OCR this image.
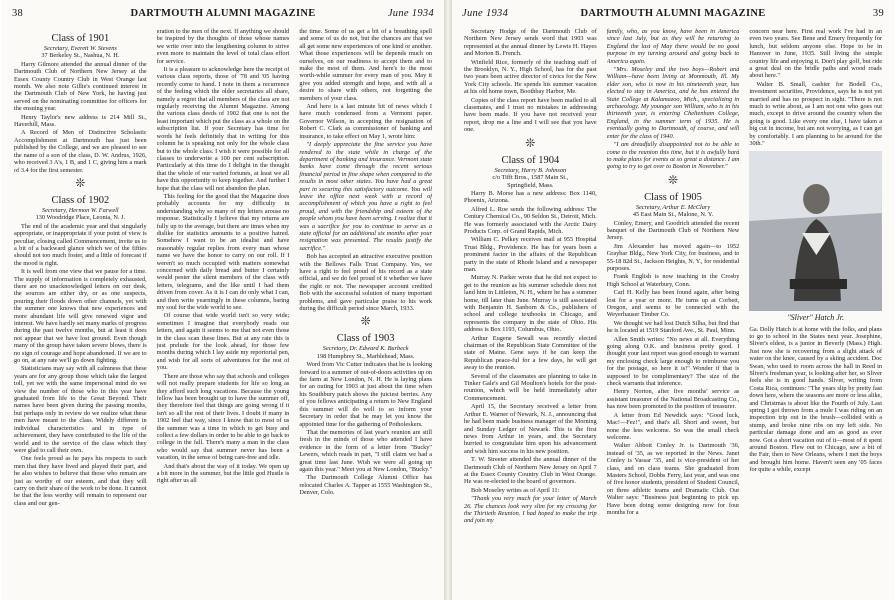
38	DARTMOUTH ALUMNI MAGAZINE	June 1934
Class of 1901
Secretary, Everett W. Stevens
37 Berkeley St., Nashua, N. H.

Harry Gilmore attended the annual dinner of the Dartmouth Club of Northern New Jersey at the Essex County Country Club in West Orange last month. We also note Gillie's continued interest in the Dartmouth Club of New York, he having just served on the nominating committee for officers for the ensuing year.

Henry Taylor's new address is 214 Mill St., Haverhill, Mass.

A Record of Men of Distinctive Scholastic Accomplishment at Dartmouth has just been published by the College, and we are pleased to see the name of a son of the class, D. W. Andrus, 1926, who received 3 A's, 1 B, and 1 C, giving him a mark of 3.4 for the first semester.

❊
Class of 1902
Secretary, Hermon W. Farwell
130 Woodridge Place, Leonia, N. J.

The end of the academic year and that singularly appropriate, or inappropriate if your point of view is peculiar, closing called Commencement, invite us to a bit of a backward glance which we of the fifties should not too much foster, and a little of forecast if the mood is right.

It is well from one view that we pause for a time. The supply of information is completely exhausted, there are no unacknowledged letters on our desk, the sources are either dry, or as one suspects, pouring their floods down other channels, yet with the summer one knows that new experiences and more abundant life will give renewed vigor and interest. We have hardly set many marks of progress during the past twelve months, but at least it does not appear that we have lost ground. Even though many of the group have taken severe blows, there is no sign of courage and hope abandoned. If we are to go on, at any rate we'll go down fighting.

Statisticians may say with all calmness that these years are for any group those which take the largest toll, yet we with the same impersonal mind do we view the number of those who in this year have graduated from life to the Great Beyond. Their names have been given during the passing months, but perhaps only in review do we realize what these men have meant to the class. Widely different in individual characteristics and in type of achievement, they have contributed to the life of the world and to the service of the class which they were glad to call their own.

One feels proud as he pays his respects to such men that they have lived and played their part, and he also wishes to believe that those who remain are just as worthy of our esteem, and that they will carry on their share of the work to be done. It cannot be that the less worthy will remain to represent our class and our gen-

eration to the men of the next. If anything we should be inspired by the thoughts of those whose names we write over into the lengthening column to strive even more to maintain the level of total class effort for service.

It is a pleasure to acknowledge here the receipt of various class reports, those of '78 and '05 having recently come to hand. I note in them a recurrence of the feeling which the older secretaries all share, namely a regret that all members of the class are not regularly receiving the Alumni Magazine. Among the various class deeds of 1902 that one is not the least important which put the class as a whole on the subscription list. If your Secretary has time for words he feels definitely that in writing for this column he is speaking not only for the whole class but to the whole class. I wish it were possible for all classes to underwrite a 100 per cent subscription. Particularly at this time do I delight in the thought that the whole of our varied fortunes, at least we all have this opportunity to keep together. And further I hope that the class will not abandon the plan.

This feeling for the good that the Magazine does probably accounts for my difficulty in understanding why so many of my letters arouse no response. Statistically I believe that my returns are fully up to the average, but there are times when my dislike for statistics amounts to a positive hatred. Somehow I want to be an idealist and have reasonably regular replies from every man whose name we have the honor to carry on our roll. If I weren't so much occupied with matters somewhat concerned with daily bread and butter I certainly would pester the silent members of the class with letters, telegrams, and the like until I had them driven from cover. As it is I can do only what I can, and then write yearningly in these columns, baring my soul for the wide world to see.

Of course that wide world isn't so very wide; sometimes I imagine that everybody reads our letters, and again it seems to me that not even those in the class scan these lines. But at any rate this is just prelude for the look ahead, for those few months during which I lay aside my reportorial pen, and wish for all sorts of adventures for the rest of you.

There are those who say that schools and colleges will not really prepare students for life so long as they afford such long vacations. Because the young fellow has been brought up to have the summer off, they therefore feel that things are going wrong if it isn't so all the rest of their lives. I doubt if many in 1902 feel that way, since I know that to most of us the summer was a time in which to get busy and collect a few dollars in order to be able to go back to college in the fall. There's many a man in the class who would say that summer never has been a vacation, in the sense of being care-free and idle.

And that's about the way of it today. We open up a bit more in the summer, but the little god Hustle is right after us all

the time. Some of us get a bit of a breathing spell and some of us do not, but the chances are that we all get some new experiences of one kind or another. What those experiences will be depends much on ourselves, on our readiness to accept them and to make the most of them. And here's to the most worth-while summer for every man of you. May it give you added strength and hope, and with all a desire to share with others, not forgetting the members of your class.

And here is a last minute bit of news which I have much condensed from a Vermont paper. Governor Wilson, in accepting the resignation of Robert C. Clark as commissioner of banking and insurance, to take effect on May 1, wrote him:

"I deeply appreciate the fine service you have rendered to the state while in charge of the department of banking and insurance. Vermont state banks have come through the recent serious financial period in fine shape when compared to the results in most other states. You have had a great part in securing this satisfactory outcome. You will leave the office next week with a record of accomplishment of which you have a right to feel proud, and with the friendship and esteem of the people whom you have been serving. I realize that it was a sacrifice for you to continue to serve as a state official for an additional six months after your resignation was presented. The results justify the sacrifice."

Bob has accepted an attractive executive position with the Bellows Falls Trust Company. Yes, we have a right to feel proud of his record as a state official, and we do feel proud of it whether we have the right or not. The newspaper account credited Bob with the successful solution of many important problems, and gave particular praise to his work during the difficult period since March, 1933.

❊
Class of 1903
Secretary, Dr. Edward K. Burbeck
198 Humphrey St., Marblehead, Mass.

Word from Vic Cutter indicates that he is looking forward to a summer of out-of-doors activities up on the farm at New London, N. H. He is laying plans for an outing for 1903 at just about the time when his Southbury patch shows the juiciest berries. Any of you fellows anticipating a return to New England this summer will do well to so inform your Secretary in order that he may let you know the appointed time for the gathering of Potholeskers.

That the memories of last year's reunion are still fresh in the minds of those who attended I have evidence in the form of a letter from "Bucky" Lewers, which reads in part, "I still claim we had a great time last June. Wish we were all going up again this year." Meet you at New London, "Bucky."

The Dartmouth College Alumni Office has relocated Charles A. Tapper at 1555 Washington St., Denver, Colo.

June 1934	DARTMOUTH ALUMNI MAGAZINE	39

Secretary Hodge of the Dartmouth Club of Northern New Jersey sends word that 1903 was represented at the annual dinner by Lewis H. Hayes and Morton B. French.

Winfield Rice, formerly of the teaching staff of the Brooklyn, N. Y., High School, has for the past two years been active director of civics for the New York City schools. He spends his summer vacation at his old home town, Boothbay Harbor, Me.

Copies of the class report have been mailed to all classmates, and I trust no mistakes in addressing have been made. If you have not received your report, drop me a line and I will see that you have one.

❊
Class of 1904
Secretary, Harry B. Johnson
c/o Tifft Bros., 1587 Main St.,
Springfield, Mass.

Harry B. Morse has a new address: Box 1140, Phoenix, Arizona.

Alfred L. Roe sends the following address: The Century Chemical Co., 90 Seldon St., Detroit, Mich. He was formerly associated with the Arctic Dairy Products Corp. of Grand Rapids, Mich.

William C. Pelkey receives mail at 955 Hospital Trust Bldg., Providence. He has for years been a prominent factor in the affairs of the Republican party in the state of Rhode Island and a newspaper man.

Murray N. Parker wrote that he did not expect to get to the reunion as his summer schedule does not land him in Littleton, N. H., where he has a summer home, till later than June. Murray is still associated with Benjamin H. Sanborn & Co., publishers of school and college textbooks in Chicago, and represents the company in the state of Ohio. His address is Box 1193, Columbus, Ohio.

Arthur Eugene Sewall was recently elected chairman of the Republican State Committee of the state of Maine. Gene says if he can keep the Republican peace-ful for a few days, he will get away to the reunion.

Several of the classmates are planning to take in Tinker Gale's and Gil Moulton's hotels for the post-reunion, which will be held immediately after Commencement.

April 15, the Secretary received a letter from Arthur E. Warner of Newark, N. J., announcing that he had been made business manager of the Morning and Sunday Ledger of Newark. This is the first news from Arthur in years, and the Secretary hurried to congratulate him upon his advancement and wish him success in his new position.

T. W. Streeter attended the annual dinner of the Dartmouth Club of Northern New Jersey on April 7 at the Essex County Country Club in West Orange. He was re-elected to the board of governors.

Bob Moseley writes as of April 11:

"Thank you very much for your letter of March 26. The chances look very slim for my crossing for the Thirtieth Reunion. I had hoped to make the trip and join my

family, who, as you know, have been in America since last July, but as they will be returning to England the last of May there would be no good purpose in my turning around and going back to America again.

"Mrs. Moseley and the two boys—Robert and William—have been living at Monmouth, Ill. My elder son, who is now in his nineteenth year, has elected to stay in America, and he has entered the State College at Kalamazoo, Mich., specializing in archaeology. My younger son William, who is in his thirteenth year, is entering Cheltenham College, England, in the summer term of 1935. He is eventually going to Dartmouth, of course, and will enter for the class of 1940.

"I am dreadfully disappointed not to be able to come to the reunion this time, but it is awfully hard to make plans for events at so great a distance. I am going to try to get over to Boston in November."

❊
Class of 1905
Secretary, Arthur E. McClary
45 East Main St., Malone, N. Y.

Conley, Emery, and Goodrich attended the recent banquet of the Dartmouth Club of Northern New Jersey.

Jim Alexander has moved again—to 1952 Graybar Bldg., New York City, for business, and to 55-18 82d St., Jackson Heights, N. Y., for residential purposes.

Frank English is now teaching in the Crosby High School at Waterbury, Conn.

Carl H. Kelly has been found again, after being lost for a year or more. He turns up at Corbett, Oregon, and seems to be connected with the Weyerhauser Timber Co.

We thought we had lost Dutch Silha, but find that he is located at 1519 Stanford Ave., St. Paul, Minn.

Allen Smith writes: "No news at all. Everything going along O.K. and business pretty good. I thought your last report was good enough to warrant my enclosing check large enough to reimburse you for the postage, so here it is!" Wonder if that is supposed to be complimentary? The size of the check warrants that inference.

Henry Norton, after five months' service as assistant treasurer of the National Broadcasting Co., has now been promoted to the position of treasurer.

A letter from Ed Newdick says: "Good luck, Mac!—Fez!", and that's all. Short and sweet, but none the less welcome. So was the small check welcome.

Walter Abbott Conley Jr. is Dartmouth '36, instead of '35, as we reported in the News. Janet Conley is Vassar '35, and is vice-president of her class, and on class teams. She graduated from Masters School, Dobbs Ferry, last year, and was one of five honor students, president of Student Council, on three athletic teams and Dramatic Club. Our Walter says: "Business just beginning to pick up. Have been doing some designing now for four months for a

concern near here. First real work I've had in an even two years. See Bene and Emery frequently for lunch, but seldom anyone else. Hope to be in Hanover in June, 1935. Still living the simple country life and enjoying it. Don't play golf, but ride a great deal on the bridle paths and wood roads about here."

Walter B. Small, cashier for Bodell Co., investment securities, Providence, says he is not yet married and has no prospect in sight. "There is not much to write about, as I am not one who goes out much, except to drive around the country when the going is good. Like every one else, I have taken a big cut in income, but am not worrying, as I can get by comfortably. I am planning to be around for the 30th."

"Sliver" Hatch Jr.

Ga. Dolly Hatch is at home with the folks, and plans to go to school in the States next year. Josephine, Sliver's eldest, is a junior in Beverly (Mass.) High. Just now she is recovering from a slight attack of water on the knee, caused by a skiing accident. Doc Swan, who used to room across the hall in Reed in Sliver's freshman year, is looking after her, so Sliver feels she is in good hands. Sliver, writing from Costa Rica, continues: "The years slip by pretty fast down here, where the seasons are more or less alike, and Christmas is about like the Fourth of July. Last spring I got thrown from a mule I was riding on an inspection trip out in the brush—collided with a stump, and broke nine ribs on my left side. No particular damage done and am as good as ever now. Got a short vacation out of it—most of it spent around Boston. Flew out to Chicago, saw a bit of the Fair, then to New Orleans, where I met the boys and brought him home. Haven't seen any '05 faces for quite a while, except
